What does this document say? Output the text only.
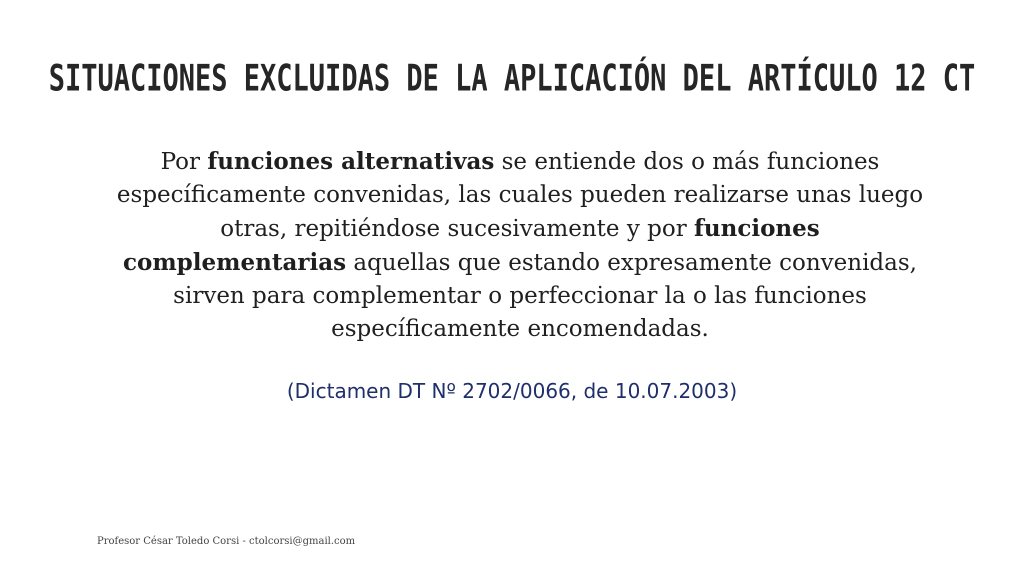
SITUACIONES EXCLUIDAS DE LA APLICACIÓN DEL ARTÍCULO 12 CT
Por funciones alternativas se entiende dos o más funciones específicamente convenidas, las cuales pueden realizarse unas luego otras, repitiéndose sucesivamente y por funciones complementarias aquellas que estando expresamente convenidas, sirven para complementar o perfeccionar la o las funciones específicamente encomendadas.
(Dictamen DT Nº 2702/0066, de 10.07.2003)
Profesor César Toledo Corsi - ctolcorsi@gmail.com
